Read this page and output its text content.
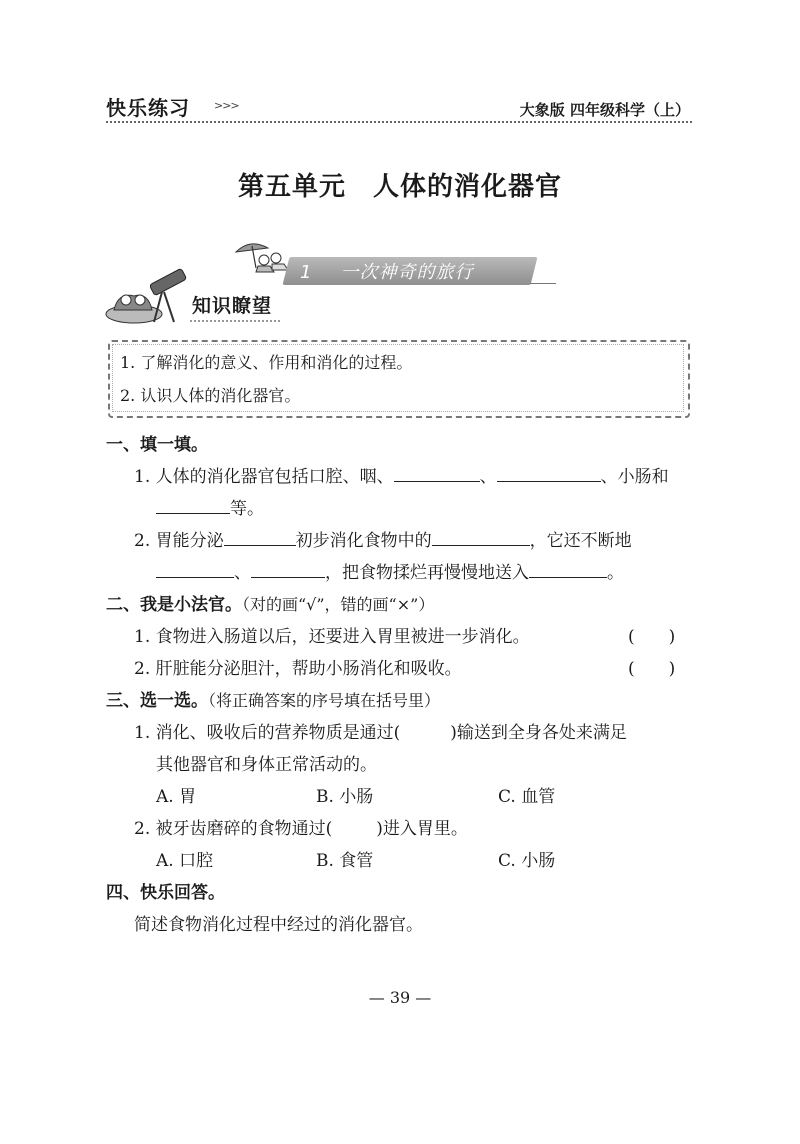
快乐练习 >>>	大象版 四年级科学（上）
第五单元　人体的消化器官
1 一次神奇的旅行
知识瞭望
1. 了解消化的意义、作用和消化的过程。
2. 认识人体的消化器官。
一、填一填。
1. 人体的消化器官包括口腔、咽、	、	、小肠和
等。
2. 胃能分泌	初步消化食物中的	，它还不断地
、	，把食物揉烂再慢慢地送入	。
二、我是小法官。（对的画“√”，错的画“×”）
1. 食物进入肠道以后，还要进入胃里被进一步消化。	(　　)
2. 肝脏能分泌胆汁，帮助小肠消化和吸收。	(　　)
三、选一选。（将正确答案的序号填在括号里）
1. 消化、吸收后的营养物质是通过(	)输送到全身各处来满足
其他器官和身体正常活动的。
A. 胃	B. 小肠	C. 血管
2. 被牙齿磨碎的食物通过(	)进入胃里。
A. 口腔	B. 食管	C. 小肠
四、快乐回答。
简述食物消化过程中经过的消化器官。
— 39 —
